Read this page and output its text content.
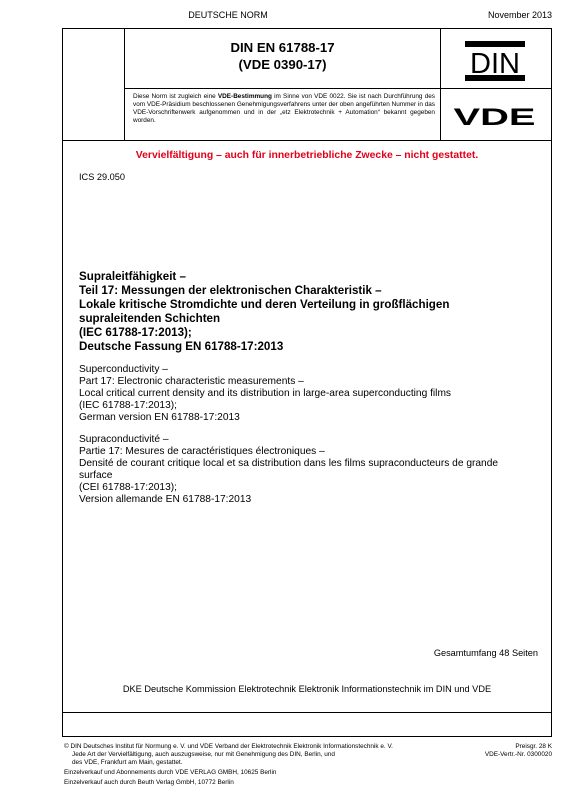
DEUTSCHE NORM	November 2013
DIN EN 61788-17
(VDE 0390-17)	DIN
VDE
Diese Norm ist zugleich eine VDE-Bestimmung im Sinne von VDE 0022. Sie ist nach Durchführung des vom VDE-Präsidium beschlossenen Genehmigungsverfahrens unter der oben angeführten Nummer in das VDE-Vorschriftenwerk aufgenommen und in der „etz Elektrotechnik + Automation“ bekannt gegeben worden.
Vervielfältigung – auch für innerbetriebliche Zwecke – nicht gestattet.
ICS 29.050
Supraleitfähigkeit –
Teil 17: Messungen der elektronischen Charakteristik –
Lokale kritische Stromdichte und deren Verteilung in großflächigen
supraleitenden Schichten
(IEC 61788-17:2013);
Deutsche Fassung EN 61788-17:2013
Superconductivity –
Part 17: Electronic characteristic measurements –
Local critical current density and its distribution in large-area superconducting films
(IEC 61788-17:2013);
German version EN 61788-17:2013
Supraconductivité –
Partie 17: Mesures de caractéristiques électroniques –
Densité de courant critique local et sa distribution dans les films supraconducteurs de grande
surface
(CEI 61788-17:2013);
Version allemande EN 61788-17:2013
Gesamtumfang 48 Seiten
DKE Deutsche Kommission Elektrotechnik Elektronik Informationstechnik im DIN und VDE
© DIN Deutsches Institut für Normung e. V. und VDE Verband der Elektrotechnik Elektronik Informationstechnik e. V.
Jede Art der Vervielfältigung, auch auszugsweise, nur mit Genehmigung des DIN, Berlin, und
des VDE, Frankfurt am Main, gestattet.
Preisgr. 28 K
VDE-Vertr.-Nr. 0300020
Einzelverkauf und Abonnements durch VDE VERLAG GMBH, 10625 Berlin
Einzelverkauf auch durch Beuth Verlag GmbH, 10772 Berlin
